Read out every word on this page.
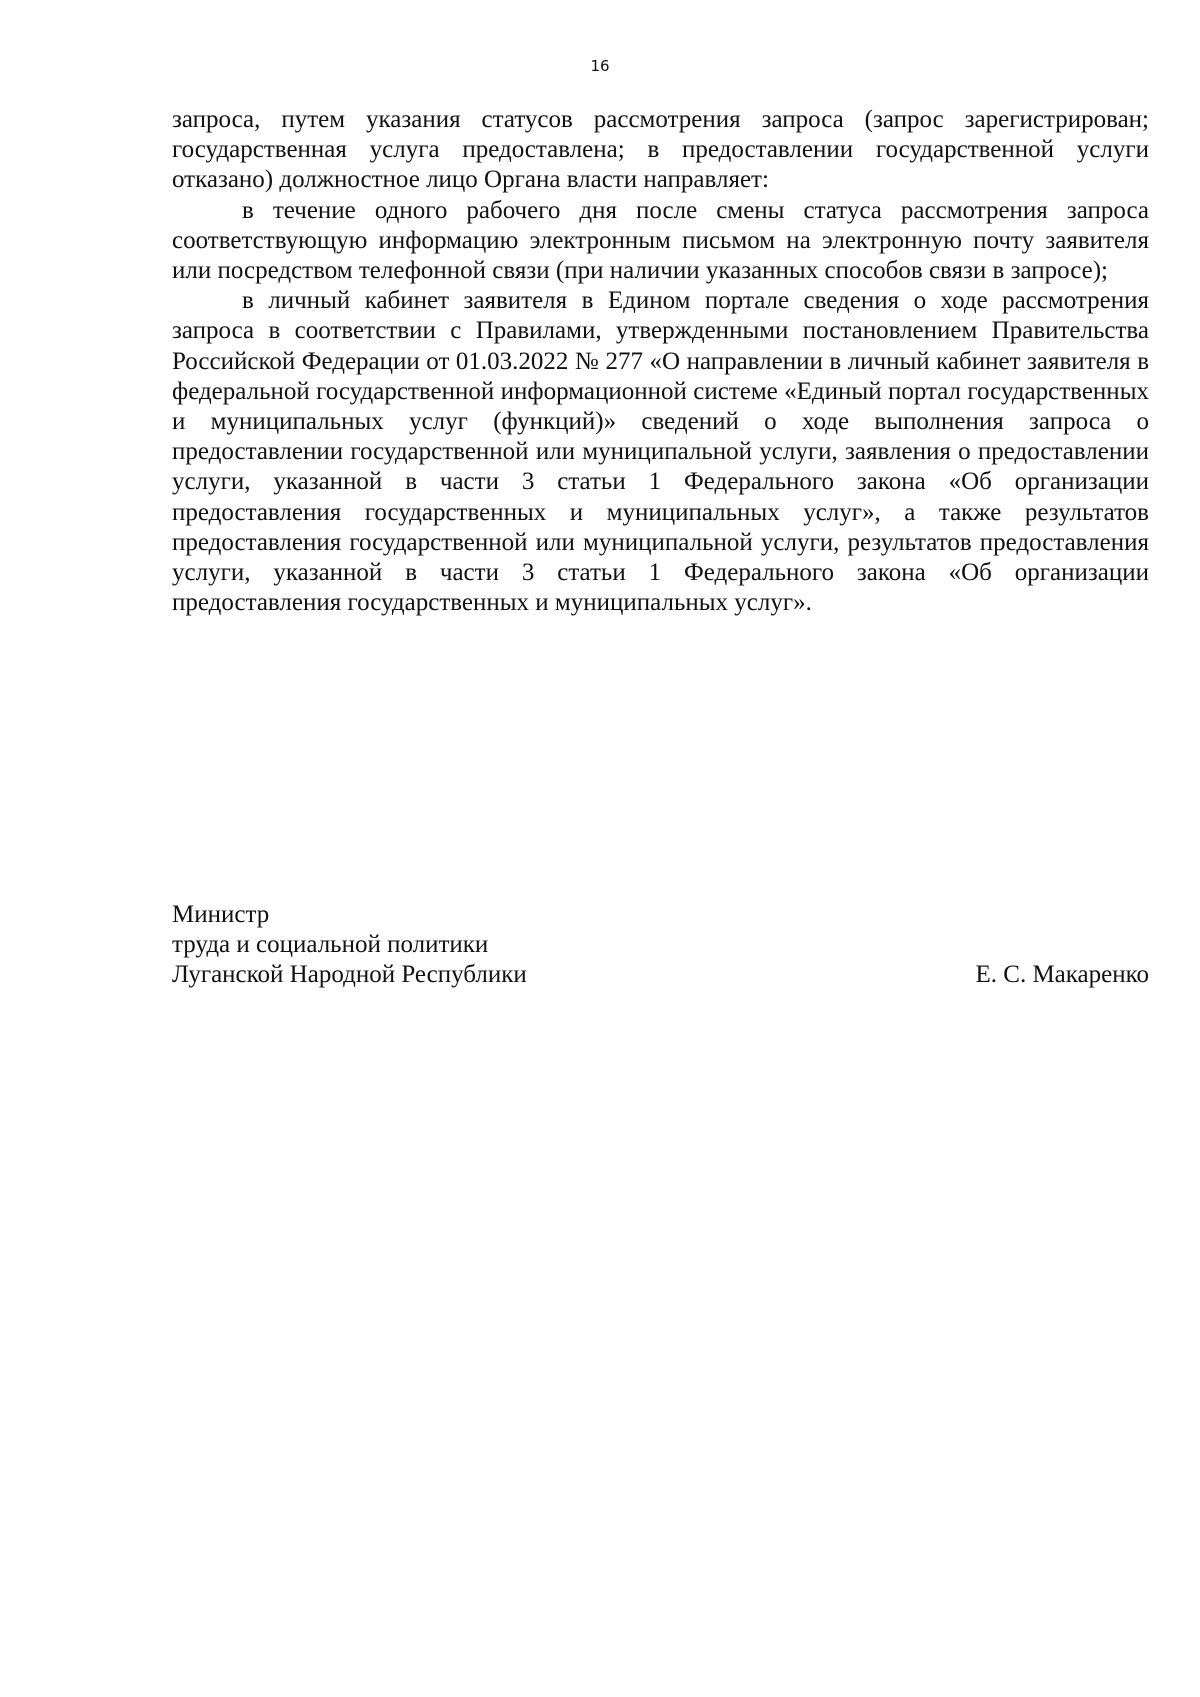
16

запроса, путем указания статусов рассмотрения запроса (запрос зарегистрирован; государственная услуга предоставлена; в предоставлении государственной услуги отказано) должностное лицо Органа власти направляет:

в течение одного рабочего дня после смены статуса рассмотрения запроса соответствующую информацию электронным письмом на электронную почту заявителя или посредством телефонной связи (при наличии указанных способов связи в запросе);

в личный кабинет заявителя в Едином портале сведения о ходе рассмотрения запроса в соответствии с Правилами, утвержденными постановлением Правительства Российской Федерации от 01.03.2022 № 277 «О направлении в личный кабинет заявителя в федеральной государственной информационной системе «Единый портал государственных и муниципальных услуг (функций)» сведений о ходе выполнения запроса о предоставлении государственной или муниципальной услуги, заявления о предоставлении услуги, указанной в части 3 статьи 1 Федерального закона «Об организации предоставления государственных и муниципальных услуг», а также результатов предоставления государственной или муниципальной услуги, результатов предоставления услуги, указанной в части 3 статьи 1 Федерального закона «Об организации предоставления государственных и муниципальных услуг».

Министр
труда и социальной политики
Луганской Народной Республики	Е. С. Макаренко
